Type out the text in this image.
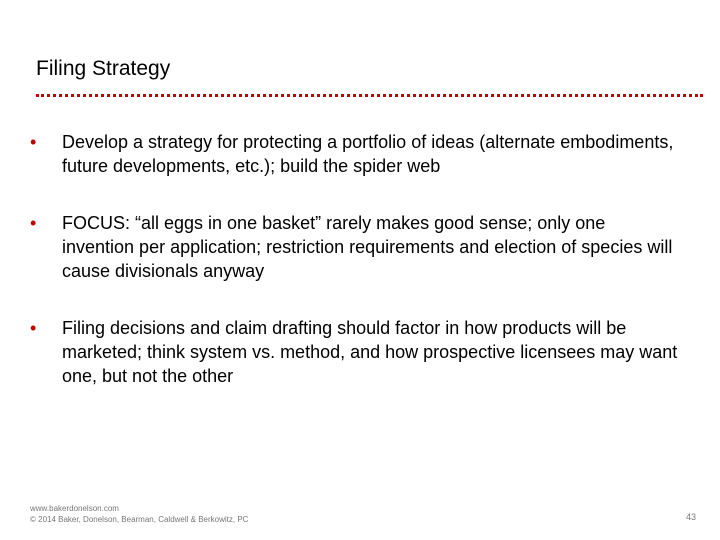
Filing Strategy
• Develop a strategy for protecting a portfolio of ideas (alternate embodiments, future developments, etc.); build the spider web
• FOCUS: “all eggs in one basket” rarely makes good sense; only one invention per application; restriction requirements and election of species will cause divisionals anyway
• Filing decisions and claim drafting should factor in how products will be marketed; think system vs. method, and how prospective licensees may want one, but not the other
www.bakerdonelson.com
© 2014 Baker, Donelson, Bearman, Caldwell & Berkowitz, PC	43
